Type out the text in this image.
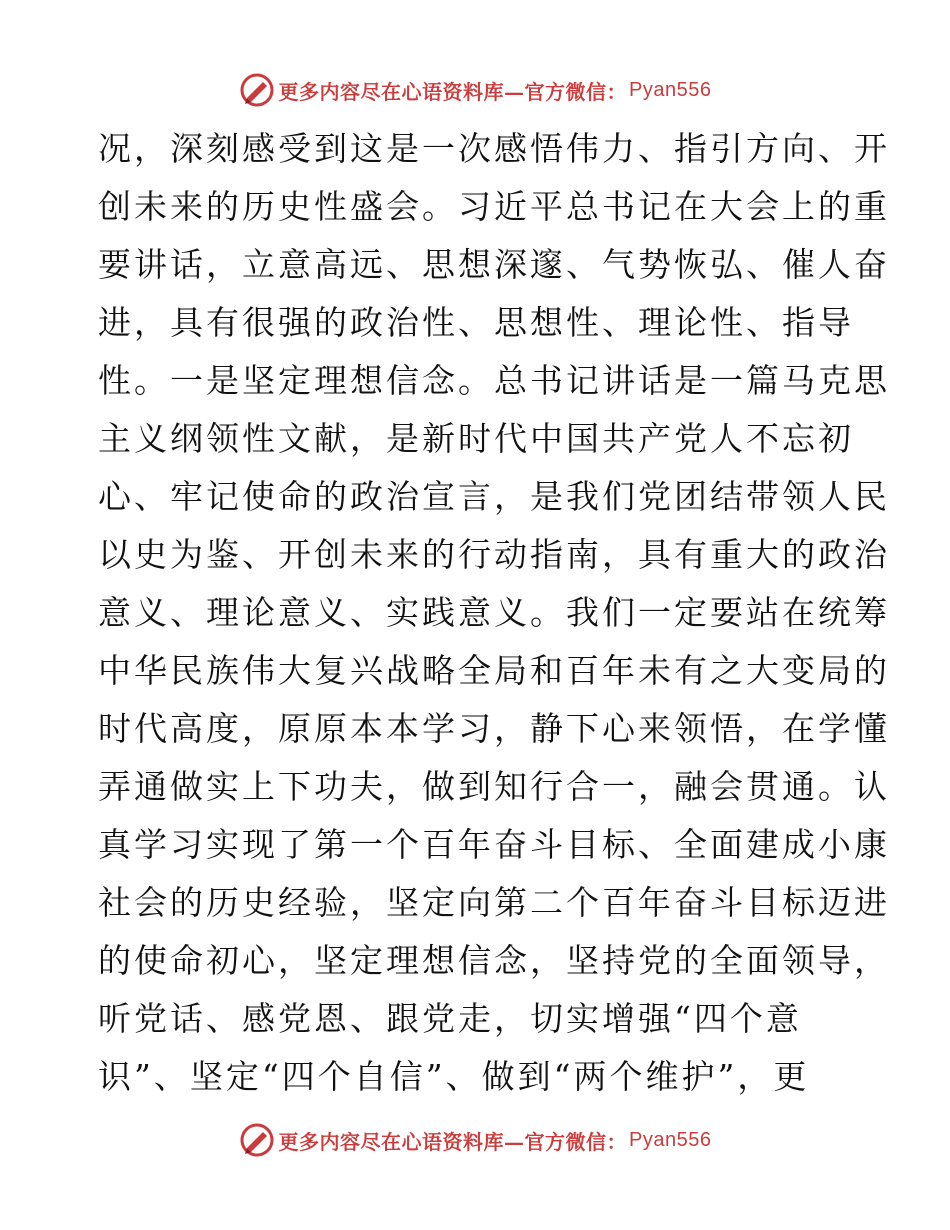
更多内容尽在心语资料库—官方微信： Pyan556
况，深刻感受到这是一次感悟伟力、指引方向、开
创未来的历史性盛会。习近平总书记在大会上的重
要讲话，立意高远、思想深邃、气势恢弘、催人奋
进，具有很强的政治性、思想性、理论性、指导
性。一是坚定理想信念。总书记讲话是一篇马克思
主义纲领性文献，是新时代中国共产党人不忘初
心、牢记使命的政治宣言，是我们党团结带领人民
以史为鉴、开创未来的行动指南，具有重大的政治
意义、理论意义、实践意义。我们一定要站在统筹
中华民族伟大复兴战略全局和百年未有之大变局的
时代高度，原原本本学习，静下心来领悟，在学懂
弄通做实上下功夫，做到知行合一，融会贯通。认
真学习实现了第一个百年奋斗目标、全面建成小康
社会的历史经验，坚定向第二个百年奋斗目标迈进
的使命初心，坚定理想信念，坚持党的全面领导，
听党话、感党恩、跟党走，切实增强“四个意
识”、坚定“四个自信”、做到“两个维护”，更
更多内容尽在心语资料库—官方微信： Pyan556
